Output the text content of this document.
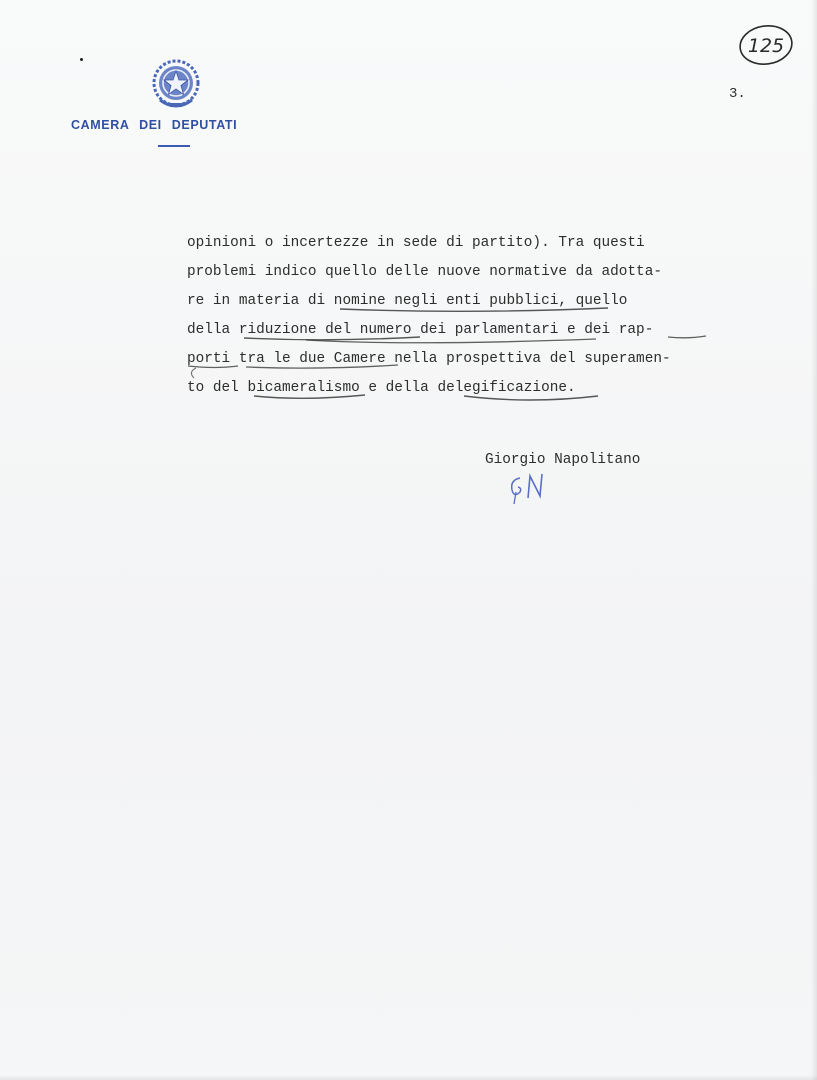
CAMERA DEI DEPUTATI
125
3.
opinioni o incertezze in sede di partito). Tra questi
problemi indico quello delle nuove normative da adotta-
re in materia di nomine negli enti pubblici, quello
della riduzione del numero dei parlamentari e dei rap-
porti tra le due Camere nella prospettiva del superamen-
to del bicameralismo e della delegificazione.
Giorgio Napolitano
